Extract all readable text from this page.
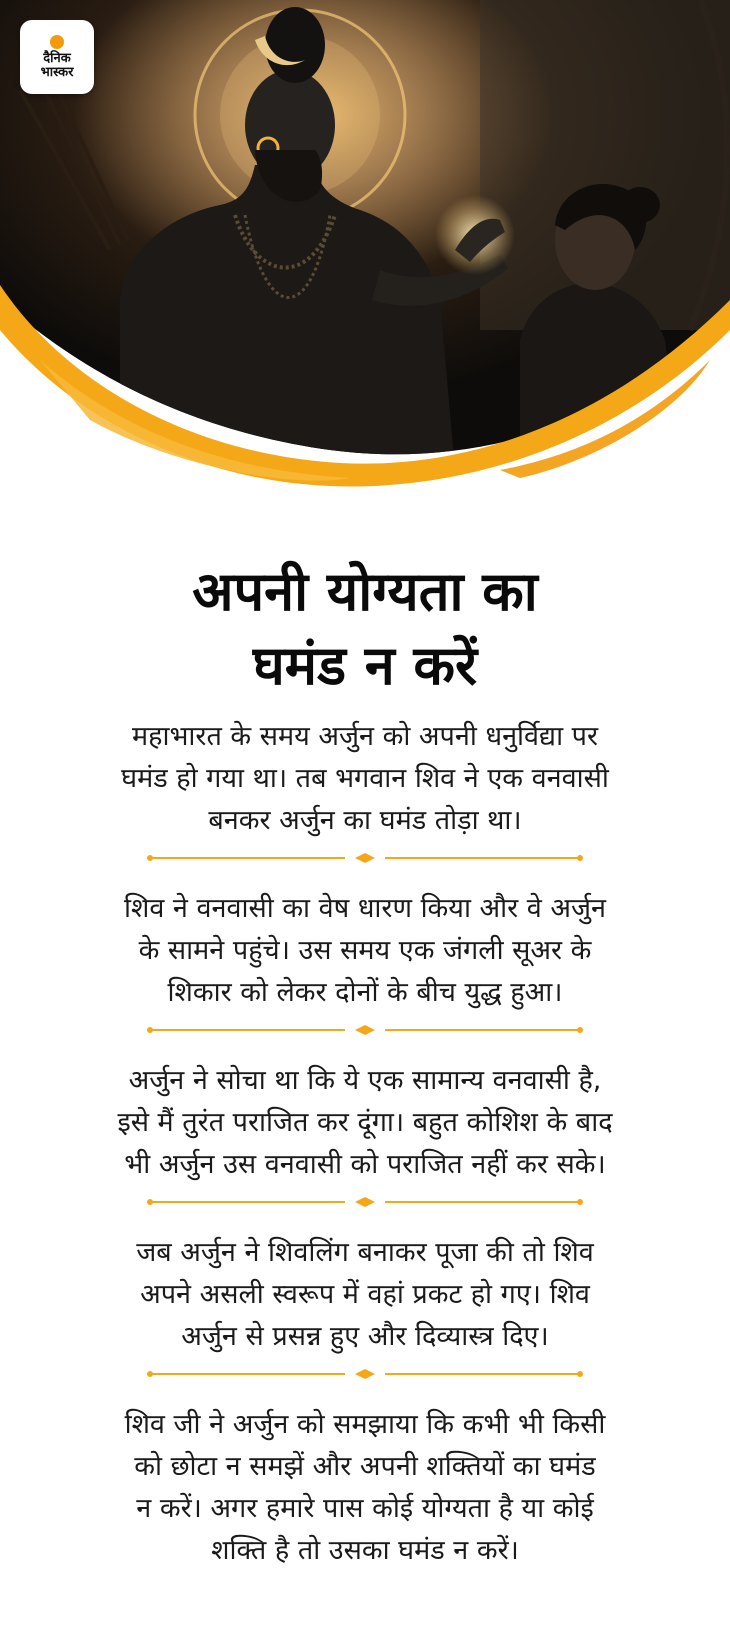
दैनिक
भास्कर
अपनी योग्यता का
घमंड न करें

महाभारत के समय अर्जुन को अपनी धनुर्विद्या पर
घमंड हो गया था। तब भगवान शिव ने एक वनवासी
बनकर अर्जुन का घमंड तोड़ा था।

शिव ने वनवासी का वेष धारण किया और वे अर्जुन
के सामने पहुंचे। उस समय एक जंगली सूअर के
शिकार को लेकर दोनों के बीच युद्ध हुआ।

अर्जुन ने सोचा था कि ये एक सामान्य वनवासी है,
इसे मैं तुरंत पराजित कर दूंगा। बहुत कोशिश के बाद
भी अर्जुन उस वनवासी को पराजित नहीं कर सके।

जब अर्जुन ने शिवलिंग बनाकर पूजा की तो शिव
अपने असली स्वरूप में वहां प्रकट हो गए। शिव
अर्जुन से प्रसन्न हुए और दिव्यास्त्र दिए।

शिव जी ने अर्जुन को समझाया कि कभी भी किसी
को छोटा न समझें और अपनी शक्तियों का घमंड
न करें। अगर हमारे पास कोई योग्यता है या कोई
शक्ति है तो उसका घमंड न करें।
